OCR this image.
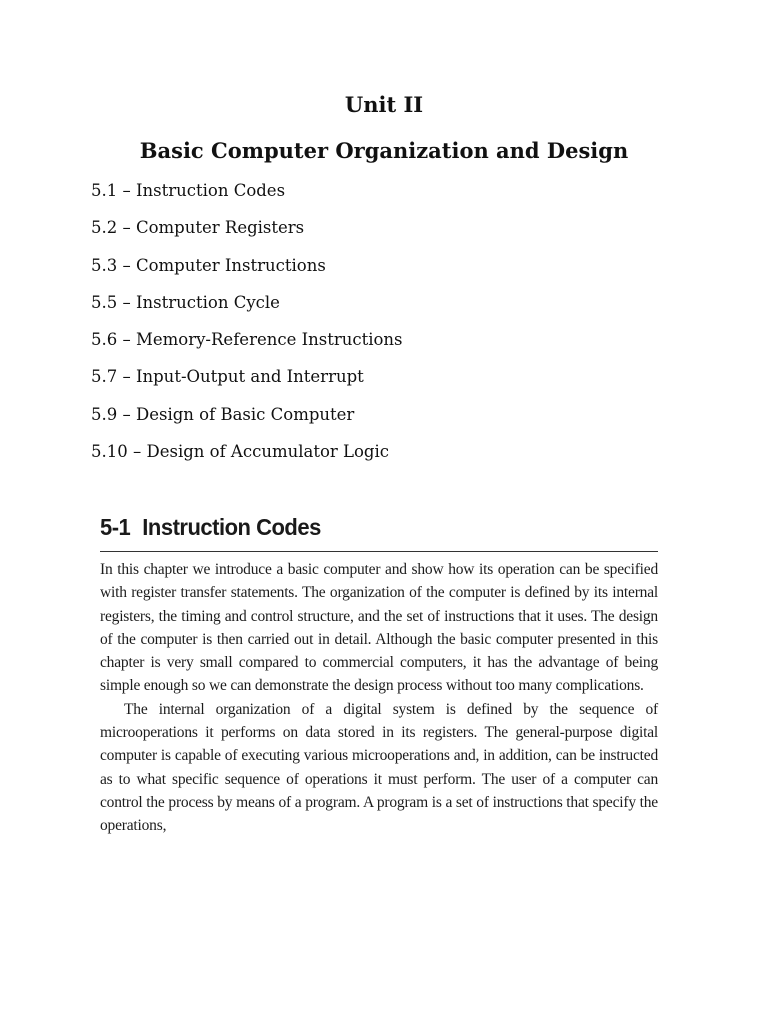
Unit II
Basic Computer Organization and Design
5.1 – Instruction Codes
5.2 – Computer Registers
5.3 – Computer Instructions
5.5 – Instruction Cycle
5.6 – Memory-Reference Instructions
5.7 – Input-Output and Interrupt
5.9 – Design of Basic Computer
5.10 – Design of Accumulator Logic
5-1 Instruction Codes

In this chapter we introduce a basic computer and show how its operation can be specified with register transfer statements. The organization of the computer is defined by its internal registers, the timing and control structure, and the set of instructions that it uses. The design of the computer is then carried out in detail. Although the basic computer presented in this chapter is very small compared to commercial computers, it has the advantage of being simple enough so we can demonstrate the design process without too many complications.

The internal organization of a digital system is defined by the sequence of microoperations it performs on data stored in its registers. The general-purpose digital computer is capable of executing various microoperations and, in addition, can be instructed as to what specific sequence of operations it must perform. The user of a computer can control the process by means of a program. A program is a set of instructions that specify the operations,
